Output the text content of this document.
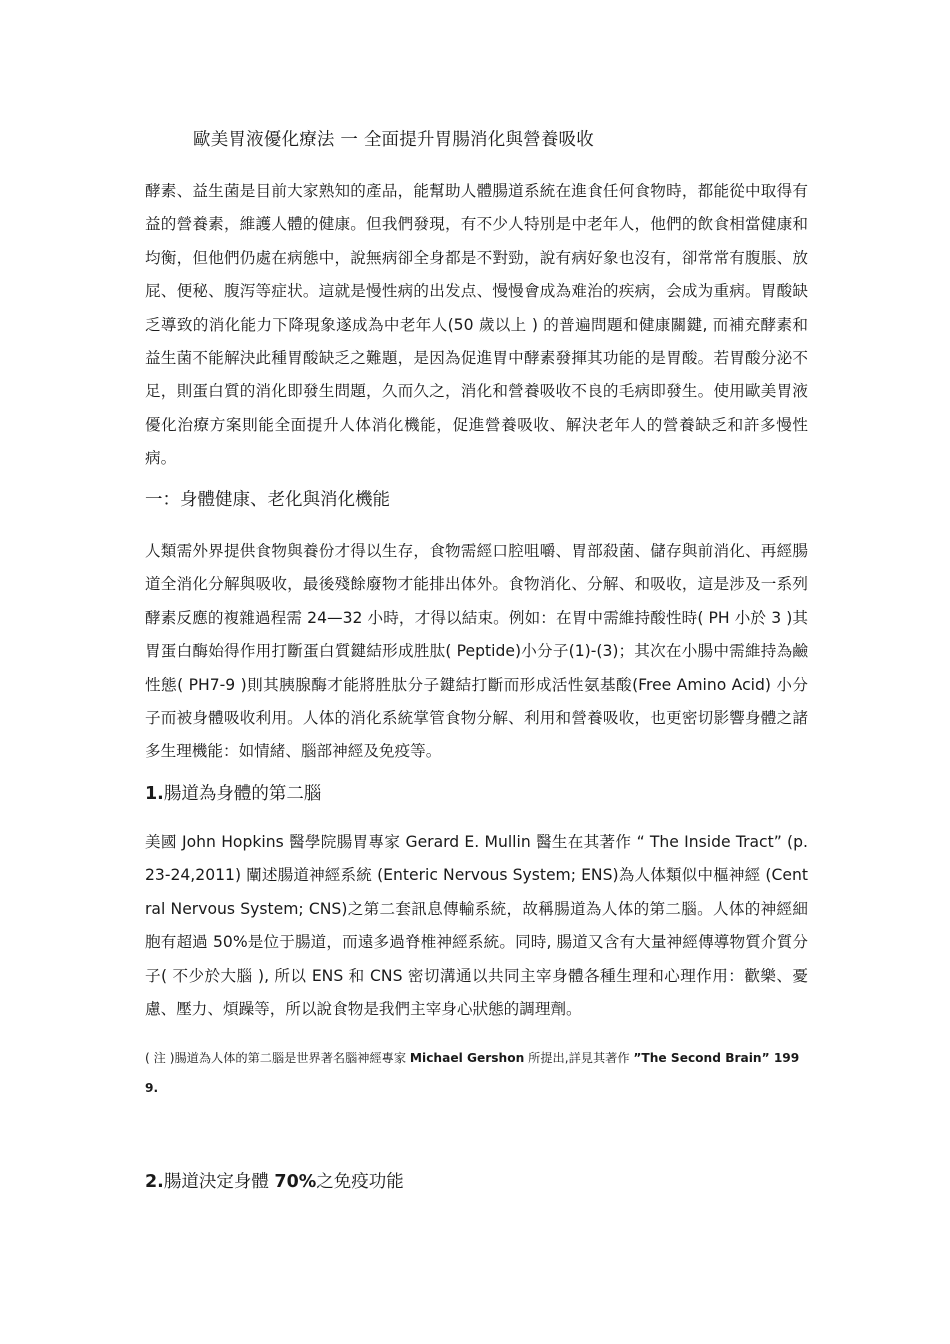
歐美胃液優化療法 一 全面提升胃腸消化與營養吸收
酵素、益生菌是目前大家熟知的產品，能幫助人體腸道系統在進食任何食物時，都能從中取得有益的營養素，維護人體的健康。但我們發現，有不少人特別是中老年人，他們的飲食相當健康和均衡，但他們仍處在病態中，說無病卻全身都是不對勁，說有病好象也沒有，卻常常有腹脹、放屁、便秘、腹泻等症状。這就是慢性病的出发点、慢慢會成為难治的疾病，会成为重病。胃酸缺乏導致的消化能力下降現象遂成為中老年人(50 歲以上 ) 的普遍問題和健康關鍵, 而補充酵素和益生菌不能解決此種胃酸缺乏之難題，是因為促進胃中酵素發揮其功能的是胃酸。若胃酸分泌不足，則蛋白質的消化即發生問題，久而久之，消化和營養吸收不良的毛病即發生。使用歐美胃液優化治療方案則能全面提升人体消化機能，促進營養吸收、解決老年人的營養缺乏和許多慢性病。
一：身體健康、老化與消化機能
人類需外界提供食物與養份才得以生存，食物需經口腔咀嚼、胃部殺菌、儲存與前消化、再經腸道全消化分解與吸收，最後殘餘廢物才能排出体外。食物消化、分解、和吸收，這是涉及一系列酵素反應的複雜過程需 24—32 小時，才得以結束。例如：在胃中需維持酸性時( PH 小於 3 )其胃蛋白酶始得作用打斷蛋白質鍵結形成胜肽( Peptide)小分子(1)-(3)；其次在小腸中需維持為鹼性態( PH7-9 )則其胰腺酶才能將胜肽分子鍵結打斷而形成活性氨基酸(Free Amino Acid) 小分子而被身體吸收利用。人体的消化系統掌管食物分解、利用和營養吸收，也更密切影響身體之諸多生理機能：如情緒、腦部神經及免疫等。
1.腸道為身體的第二腦
美國 John Hopkins 醫學院腸胃專家 Gerard E. Mullin 醫生在其著作 “ The Inside Tract” (p.23-24,2011) 闡述腸道神經系統 (Enteric Nervous System; ENS)為人体類似中樞神經 (Central Nervous System; CNS)之第二套訊息傳輸系統，故稱腸道為人体的第二腦。人体的神經細胞有超過 50%是位于腸道，而遠多過脊椎神經系統。同時, 腸道又含有大量神經傳導物質介質分子( 不少於大腦 ), 所以 ENS 和 CNS 密切溝通以共同主宰身體各種生理和心理作用：歡樂、憂慮、壓力、煩躁等，所以說食物是我們主宰身心狀態的調理劑。
( 注 )腸道為人体的第二腦是世界著名腦神經專家 Michael Gershon 所提出,詳見其著作 ”The Second Brain” 1999.
2.腸道決定身體 70%之免疫功能
